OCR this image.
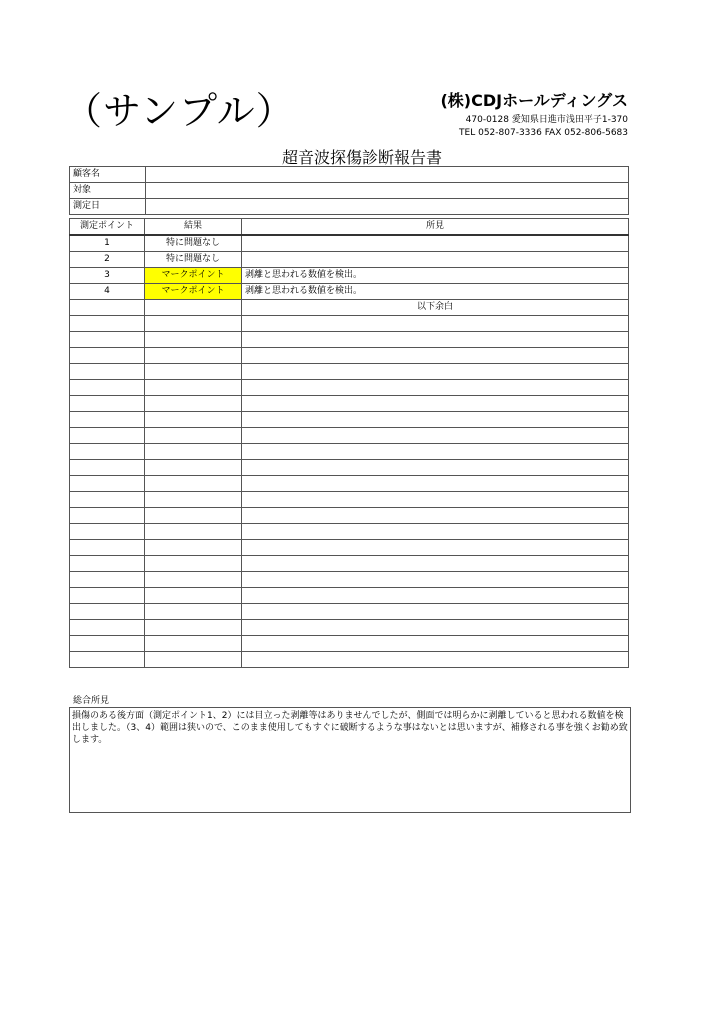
（サンプル）	(株)CDJホールディングス
470-0128 愛知県日進市浅田平子1-370
TEL 052-807-3336 FAX 052-806-5683
超音波探傷診断報告書
顧客名	
対象	
測定日	
測定ポイント	結果	所見
1	特に問題なし	
2	特に問題なし	
3	マークポイント	剥離と思われる数値を検出。
4	マークポイント	剥離と思われる数値を検出。
		以下余白

総合所見
損傷のある後方面（測定ポイント1、2）には目立った剥離等はありませんでしたが、側面では明らかに剥離していると思われる数値を検出しました。（3、4）範囲は狭いので、このまま使用してもすぐに破断するような事はないとは思いますが、補修される事を強くお勧め致します。
